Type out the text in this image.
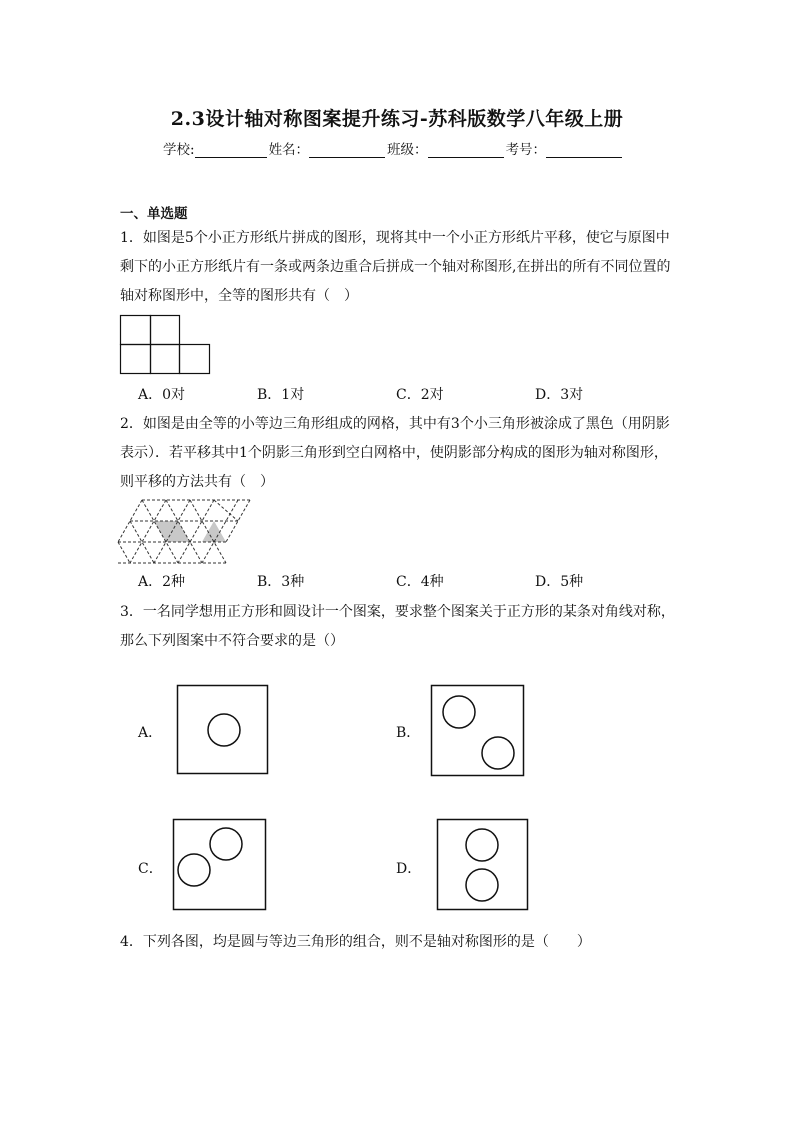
2.3设计轴对称图案提升练习-苏科版数学八年级上册
学校:	姓名：	班级：	考号：
一、单选题

1．如图是5个小正方形纸片拼成的图形，现将其中一个小正方形纸片平移，使它与原图中剩下的小正方形纸片有一条或两条边重合后拼成一个轴对称图形,在拼出的所有不同位置的轴对称图形中，全等的图形共有（　）

A．0对	B．1对	C．2对	D．3对

2．如图是由全等的小等边三角形组成的网格，其中有3个小三角形被涂成了黑色（用阴影表示）．若平移其中1个阴影三角形到空白网格中，使阴影部分构成的图形为轴对称图形，则平移的方法共有（　）

A．2种	B．3种	C．4种	D．5种

3．一名同学想用正方形和圆设计一个图案，要求整个图案关于正方形的某条对角线对称，那么下列图案中不符合要求的是（）

A．	B．
C．	D．

4．下列各图，均是圆与等边三角形的组合，则不是轴对称图形的是（　　）
